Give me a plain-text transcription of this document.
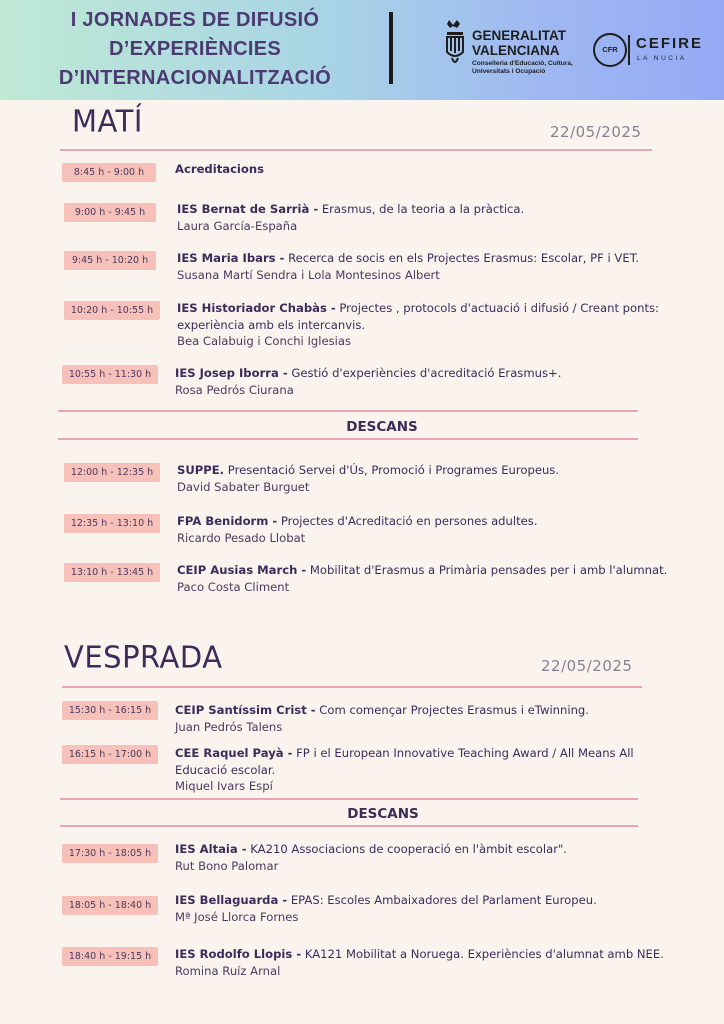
I JORNADES DE DIFUSIÓ
D’EXPERIÈNCIES
D’INTERNACIONALITZACIÓ
GENERALITAT
VALENCIANA
Conselleria d'Educació, Cultura,
Universitats i Ocupació
CFR	CEFIRE
LA NUCIA
MATÍ	22/05/2025
8:45 h - 9:00 h	Acreditacions
9:00 h - 9:45 h	IES Bernat de Sarrià - Erasmus, de la teoria a la pràctica.
Laura García-España
9:45 h - 10:20 h	IES Maria Ibars - Recerca de socis en els Projectes Erasmus: Escolar, PF i VET.
Susana Martí Sendra i Lola Montesinos Albert
10:20 h - 10:55 h	IES Historiador Chabàs - Projectes , protocols d'actuació i difusió / Creant ponts: experiència amb els intercanvis.
Bea Calabuig i Conchi Iglesias
10:55 h - 11:30 h	IES Josep Iborra - Gestió d'experiències d'acreditació Erasmus+.
Rosa Pedrós Ciurana
DESCANS
12:00 h - 12:35 h	SUPPE. Presentació Servei d'Ús, Promoció i Programes Europeus.
David Sabater Burguet
12:35 h - 13:10 h	FPA Benidorm - Projectes d'Acreditació en persones adultes.
Ricardo Pesado Llobat
13:10 h - 13:45 h	CEIP Ausias March - Mobilitat d'Erasmus a Primària pensades per i amb l'alumnat.
Paco Costa Climent
VESPRADA	22/05/2025
15:30 h - 16:15 h	CEIP Santíssim Crist - Com començar Projectes Erasmus i eTwinning.
Juan Pedrós Talens
16:15 h - 17:00 h	CEE Raquel Payà - FP i el European Innovative Teaching Award / All Means All Educació escolar.
Miquel Ivars Espí
DESCANS
17:30 h - 18:05 h	IES Altaia - KA210 Associacions de cooperació en l'àmbit escolar".
Rut Bono Palomar
18:05 h - 18:40 h	IES Bellaguarda - EPAS: Escoles Ambaixadores del Parlament Europeu.
Mª José Llorca Fornes
18:40 h - 19:15 h	IES Rodolfo Llopis - KA121 Mobilitat a Noruega. Experiències d'alumnat amb NEE.
Romina Ruíz Arnal
